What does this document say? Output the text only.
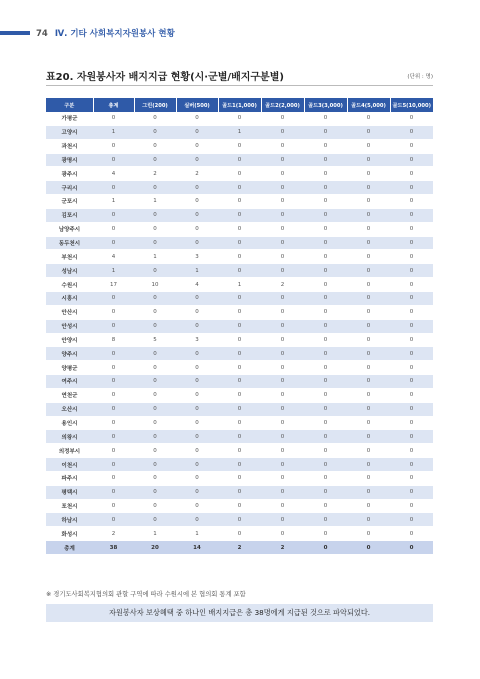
74 Ⅳ. 기타 사회복지자원봉사 현황
표20. 자원봉사자 배지지급 현황(시·군별/배지구분별)	(단위 : 명)
구분	총계	그린(200)	실버(500)	골드1(1,000)	골드2(2,000)	골드3(3,000)	골드4(5,000)	골드5(10,000)
가평군	0	0	0	0	0	0	0	0
고양시	1	0	0	1	0	0	0	0
과천시	0	0	0	0	0	0	0	0
광명시	0	0	0	0	0	0	0	0
광주시	4	2	2	0	0	0	0	0
구리시	0	0	0	0	0	0	0	0
군포시	1	1	0	0	0	0	0	0
김포시	0	0	0	0	0	0	0	0
남양주시	0	0	0	0	0	0	0	0
동두천시	0	0	0	0	0	0	0	0
부천시	4	1	3	0	0	0	0	0
성남시	1	0	1	0	0	0	0	0
수원시	17	10	4	1	2	0	0	0
시흥시	0	0	0	0	0	0	0	0
안산시	0	0	0	0	0	0	0	0
안성시	0	0	0	0	0	0	0	0
안양시	8	5	3	0	0	0	0	0
양주시	0	0	0	0	0	0	0	0
양평군	0	0	0	0	0	0	0	0
여주시	0	0	0	0	0	0	0	0
연천군	0	0	0	0	0	0	0	0
오산시	0	0	0	0	0	0	0	0
용인시	0	0	0	0	0	0	0	0
의왕시	0	0	0	0	0	0	0	0
의정부시	0	0	0	0	0	0	0	0
이천시	0	0	0	0	0	0	0	0
파주시	0	0	0	0	0	0	0	0
평택시	0	0	0	0	0	0	0	0
포천시	0	0	0	0	0	0	0	0
하남시	0	0	0	0	0	0	0	0
화성시	2	1	1	0	0	0	0	0
총계	38	20	14	2	2	0	0	0
※ 경기도사회복지협의회 관할 구역에 따라 수원시에 본 협의회 통계 포함
자원봉사자 보상혜택 중 하나인 배지지급은 총 38명에게 지급된 것으로 파악되었다.
